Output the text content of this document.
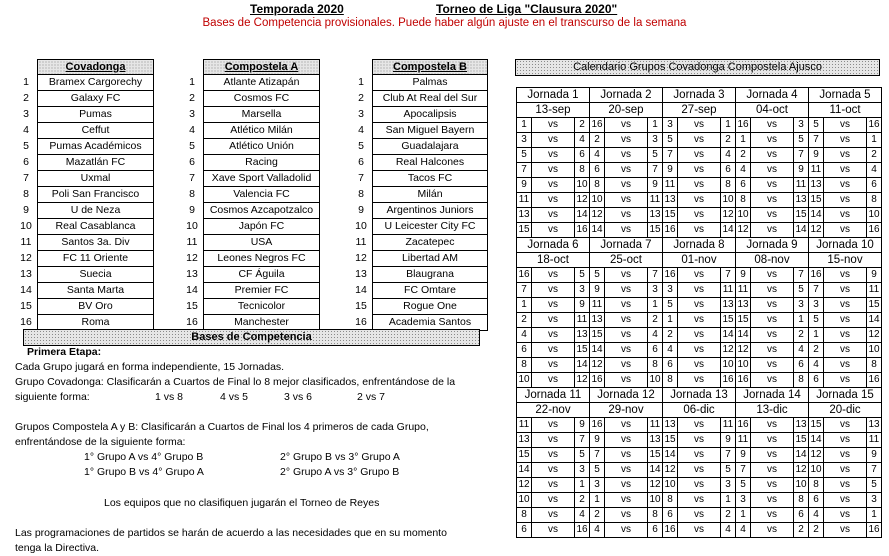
Temporada 2020	Torneo de Liga "Clausura 2020"
Bases de Competencia provisionales. Puede haber algún ajuste en el transcurso de la semana
	Covadonga
1	Bramex Cargorechy
2	Galaxy FC
3	Pumas
4	Ceffut
5	Pumas Académicos
6	Mazatlán FC
7	Uxmal
8	Poli San Francisco
9	U de Neza
10	Real Casablanca
11	Santos 3a. Div
12	FC 11 Oriente
13	Suecia
14	Santa Marta
15	BV Oro
16	Roma
	Compostela A
1	Atlante Atizapán
2	Cosmos FC
3	Marsella
4	Atlético Milán
5	Atlético Unión
6	Racing
7	Xave Sport Valladolid
8	Valencia FC
9	Cosmos Azcapotzalco
10	Japón FC
11	USA
12	Leones Negros FC
13	CF Águila
14	Premier FC
15	Tecnicolor
16	Manchester
	Compostela B
1	Palmas
2	Club At Real del Sur
3	Apocalipsis
4	San Miguel Bayern
5	Guadalajara
6	Real Halcones
7	Tacos FC
8	Milán
9	Argentinos Juniors
10	U Leicester City FC
11	Zacatepec
12	Libertad AM
13	Blaugrana
14	FC Omtare
15	Rogue One
16	Academia Santos
Calendario Grupos Covadonga Compostela Ajusco
Jornada 1			Jornada 2			Jornada 3			Jornada 4			Jornada 5		
13-sep			20-sep			27-sep			04-oct			11-oct		
1	vs	2	16	vs	1	3	vs	1	16	vs	3	5	vs	16
3	vs	4	2	vs	3	5	vs	2	1	vs	5	7	vs	1
5	vs	6	4	vs	5	7	vs	4	2	vs	7	9	vs	2
7	vs	8	6	vs	7	9	vs	6	4	vs	9	11	vs	4
9	vs	10	8	vs	9	11	vs	8	6	vs	11	13	vs	6
11	vs	12	10	vs	11	13	vs	10	8	vs	13	15	vs	8
13	vs	14	12	vs	13	15	vs	12	10	vs	15	14	vs	10
15	vs	16	14	vs	15	16	vs	14	12	vs	14	12	vs	16
Jornada 6			Jornada 7			Jornada 8			Jornada 9			Jornada 10		
18-oct			25-oct			01-nov			08-nov			15-nov		
16	vs	5	5	vs	7	16	vs	7	9	vs	7	16	vs	9
7	vs	3	9	vs	3	3	vs	11	11	vs	5	7	vs	11
1	vs	9	11	vs	1	5	vs	13	13	vs	3	3	vs	15
2	vs	11	13	vs	2	1	vs	15	15	vs	1	5	vs	14
4	vs	13	15	vs	4	2	vs	14	14	vs	2	1	vs	12
6	vs	15	14	vs	6	4	vs	12	12	vs	4	2	vs	10
8	vs	14	12	vs	8	6	vs	10	10	vs	6	4	vs	8
10	vs	12	16	vs	10	8	vs	16	16	vs	8	6	vs	16
Jornada 11			Jornada 12			Jornada 13			Jornada 14			Jornada 15		
22-nov			29-nov			06-dic			13-dic			20-dic		
11	vs	9	16	vs	11	13	vs	11	16	vs	13	15	vs	13
13	vs	7	9	vs	13	15	vs	9	11	vs	15	14	vs	11
15	vs	5	7	vs	15	14	vs	7	9	vs	14	12	vs	9
14	vs	3	5	vs	14	12	vs	5	7	vs	12	10	vs	7
12	vs	1	3	vs	12	10	vs	3	5	vs	10	8	vs	5
10	vs	2	1	vs	10	8	vs	1	3	vs	8	6	vs	3
8	vs	4	2	vs	8	6	vs	2	1	vs	6	4	vs	1
6	vs	16	4	vs	6	16	vs	4	4	vs	2	2	vs	16
Bases de Competencia
Primera Etapa:
Cada Grupo jugará en forma independiente, 15 Jornadas.
Grupo Covadonga: Clasificarán a Cuartos de Final lo 8 mejor clasificados, enfrentándose de la
siguiente forma:	1 vs 8	4 vs 5	3 vs 6	2 vs 7
Grupos Compostela A y B: Clasificarán a Cuartos de Final los 4 primeros de cada Grupo,
enfrentándose de la siguiente forma:
1° Grupo A vs 4° Grupo B	2° Grupo B vs 3° Grupo A
1° Grupo B vs 4° Grupo A	2° Grupo A vs 3° Grupo B
Los equipos que no clasifiquen jugarán el Torneo de Reyes
Las programaciones de partidos se harán de acuerdo a las necesidades que en su momento
tenga la Directiva.
